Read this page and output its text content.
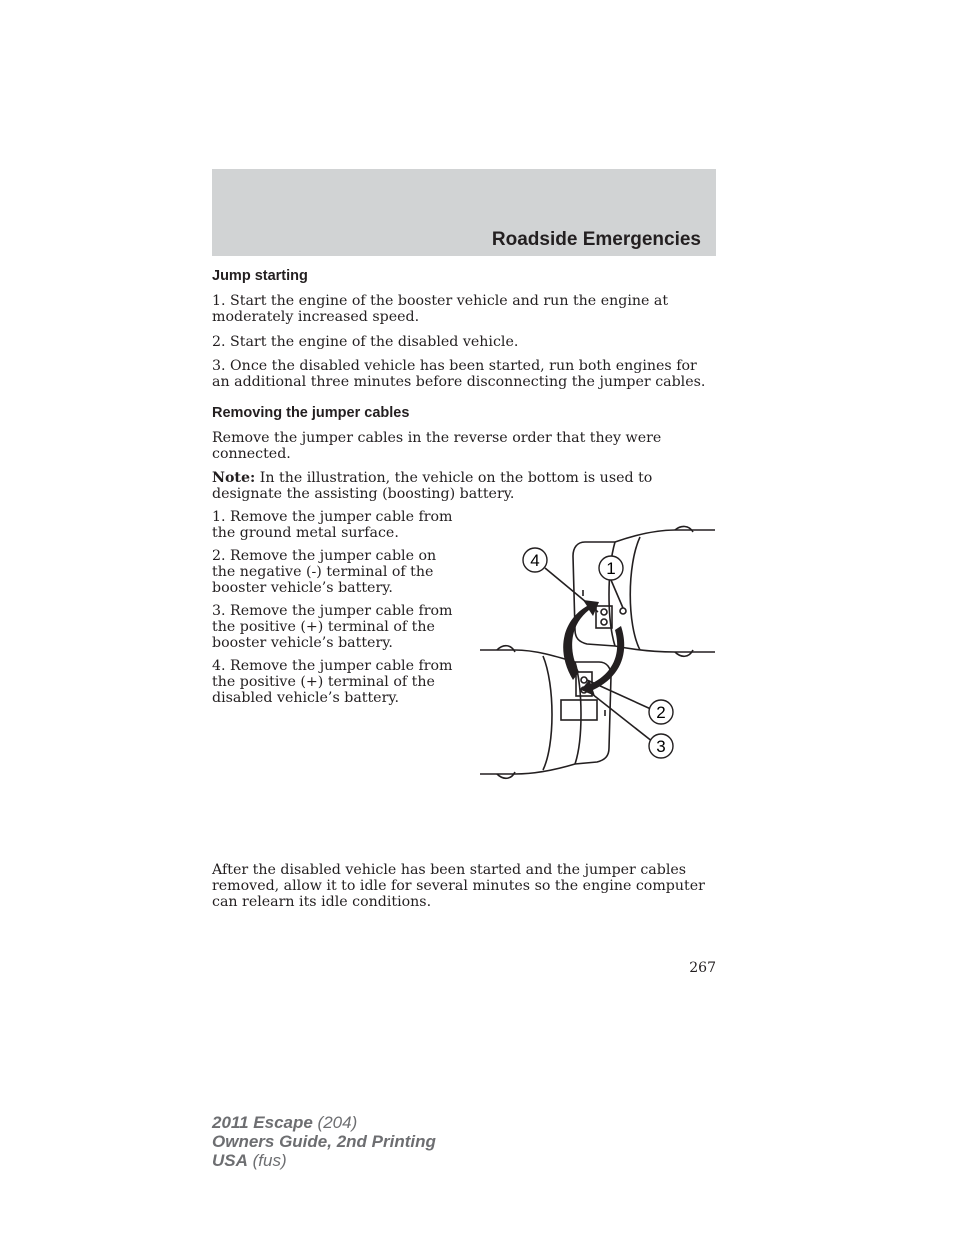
Roadside Emergencies
Jump starting

1. Start the engine of the booster vehicle and run the engine at moderately increased speed.

2. Start the engine of the disabled vehicle.

3. Once the disabled vehicle has been started, run both engines for an additional three minutes before disconnecting the jumper cables.

Removing the jumper cables

Remove the jumper cables in the reverse order that they were connected.

Note: In the illustration, the vehicle on the bottom is used to designate the assisting (boosting) battery.

1. Remove the jumper cable from the ground metal surface.

2. Remove the jumper cable on the negative (-) terminal of the booster vehicle’s battery.

3. Remove the jumper cable from the positive (+) terminal of the booster vehicle’s battery.

4. Remove the jumper cable from the positive (+) terminal of the disabled vehicle’s battery.

4	1
2
3

After the disabled vehicle has been started and the jumper cables removed, allow it to idle for several minutes so the engine computer can relearn its idle conditions.

267
2011 Escape (204)
Owners Guide, 2nd Printing
USA (fus)
